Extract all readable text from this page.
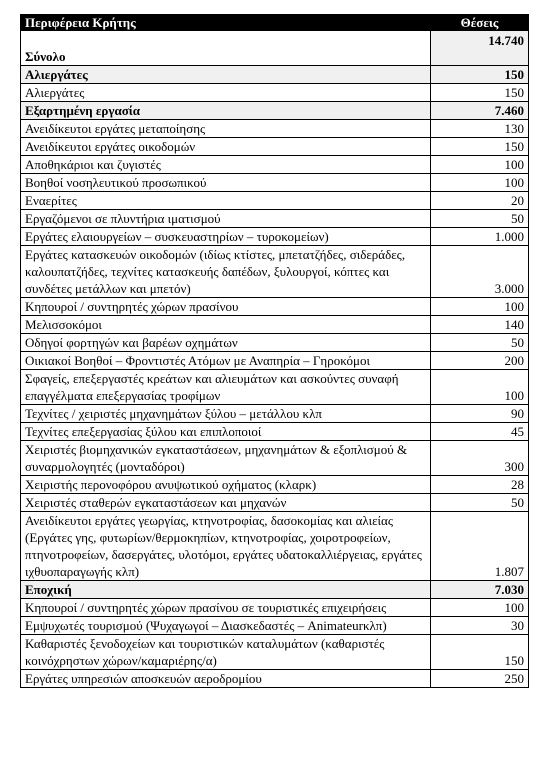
Περιφέρεια Κρήτης	Θέσεις
Σύνολο	14.740
Αλιεργάτες	150
Αλιεργάτες	150
Εξαρτημένη εργασία	7.460
Ανειδίκευτοι εργάτες μεταποίησης	130
Ανειδίκευτοι εργάτες οικοδομών	150
Αποθηκάριοι και ζυγιστές	100
Βοηθοί νοσηλευτικού προσωπικού	100
Εναερίτες	20
Εργαζόμενοι σε πλυντήρια ιματισμού	50
Εργάτες ελαιουργείων – συσκευαστηρίων – τυροκομείων)	1.000
Εργάτες κατασκευών οικοδομών (ιδίως κτίστες, μπετατζήδες, σιδεράδες, καλουπατζήδες, τεχνίτες κατασκευής δαπέδων, ξυλουργοί, κόπτες και συνδέτες μετάλλων και μπετόν)	3.000
Κηπουροί / συντηρητές χώρων πρασίνου	100
Μελισσοκόμοι	140
Οδηγοί φορτηγών και βαρέων οχημάτων	50
Οικιακοί Βοηθοί – Φροντιστές Ατόμων με Αναπηρία – Γηροκόμοι	200
Σφαγείς, επεξεργαστές κρεάτων και αλιευμάτων και ασκούντες συναφή επαγγέλματα επεξεργασίας τροφίμων	100
Τεχνίτες / χειριστές μηχανημάτων ξύλου – μετάλλου κλπ	90
Τεχνίτες επεξεργασίας ξύλου και επιπλοποιοί	45
Χειριστές βιομηχανικών εγκαταστάσεων, μηχανημάτων & εξοπλισμού & συναρμολογητές (μονταδόροι)	300
Χειριστής περονοφόρου ανυψωτικού οχήματος (κλαρκ)	28
Χειριστές σταθερών εγκαταστάσεων και μηχανών	50
Ανειδίκευτοι εργάτες γεωργίας, κτηνοτροφίας, δασοκομίας και αλιείας (Εργάτες γης, φυτωρίων/θερμοκηπίων, κτηνοτροφίας, χοιροτροφείων, πτηνοτροφείων, δασεργάτες, υλοτόμοι, εργάτες υδατοκαλλιέργειας, εργάτες ιχθυοπαραγωγής κλπ)	1.807
Εποχική	7.030
Κηπουροί / συντηρητές χώρων πρασίνου σε τουριστικές επιχειρήσεις	100
Εμψυχωτές τουρισμού (Ψυχαγωγοί – Διασκεδαστές – Animateurκλπ)	30
Καθαριστές ξενοδοχείων και τουριστικών καταλυμάτων (καθαριστές κοινόχρηστων χώρων/καμαριέρης/α)	150
Εργάτες υπηρεσιών αποσκευών αεροδρομίου	250
